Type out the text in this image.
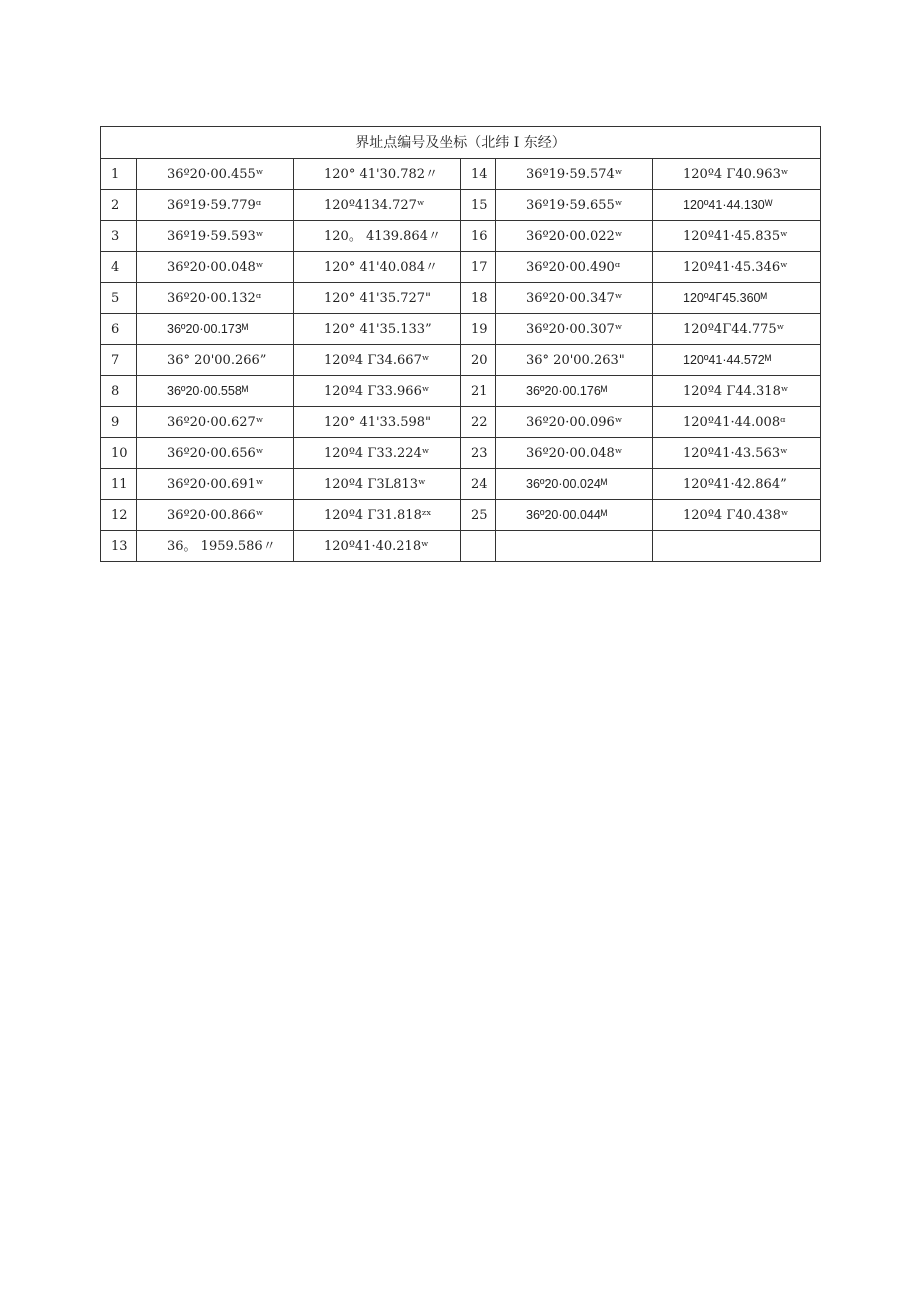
界址点编号及坐标（北纬 I 东经）					
1	36º20·00.455ʷ	120° 41'30.782〃	14	36º19·59.574ʷ	120º4 Γ40.963ʷ
2	36º19·59.779ᵅ	120º4134.727ʷ	15	36º19·59.655ʷ	120º41·44.130ᵂ
3	36º19·59.593ʷ	120。 4139.864〃	16	36º20·00.022ʷ	120º41·45.835ʷ
4	36º20·00.048ʷ	120° 41'40.084〃	17	36º20·00.490ᵅ	120º41·45.346ʷ
5	36º20·00.132ᵅ	120° 41'35.727"	18	36º20·00.347ʷ	120º4Γ45.360ᴹ
6	36º20·00.173ᴹ	120° 41'35.133”	19	36º20·00.307ʷ	120º4Γ44.775ʷ
7	36° 20'00.266”	120º4 Γ34.667ʷ	20	36° 20'00.263"	120º41·44.572ᴹ
8	36º20·00.558ᴹ	120º4 Γ33.966ʷ	21	36º20·00.176ᴹ	120º4 Γ44.318ʷ
9	36º20·00.627ʷ	120° 41'33.598"	22	36º20·00.096ʷ	120º41·44.008ᵅ
10	36º20·00.656ʷ	120º4 Γ33.224ʷ	23	36º20·00.048ʷ	120º41·43.563ʷ
11	36º20·00.691ʷ	120º4 Γ3L813ʷ	24	36º20·00.024ᴹ	120º41·42.864”
12	36º20·00.866ʷ	120º4 Γ31.818ᶻˣ	25	36º20·00.044ᴹ	120º4 Γ40.438ʷ
13	36。 1959.586〃	120º41·40.218ʷ			
